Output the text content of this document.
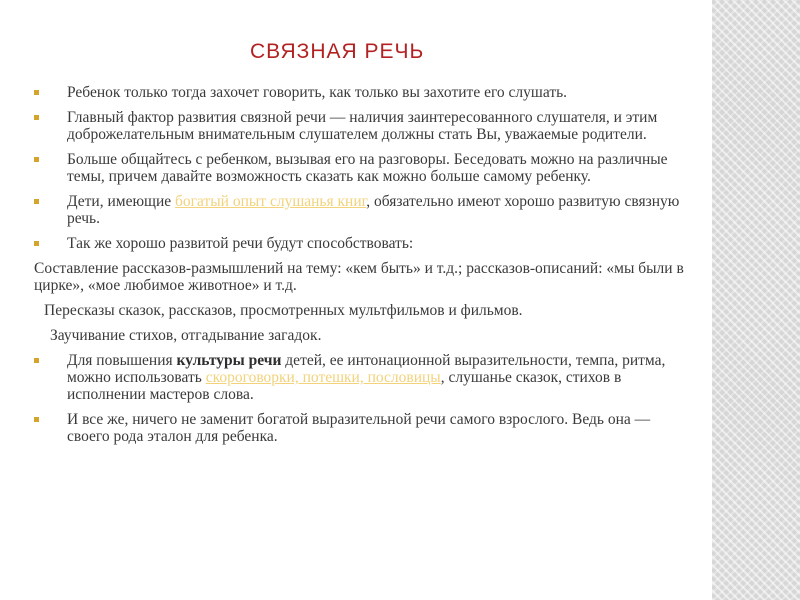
СВЯЗНАЯ РЕЧЬ
Ребенок только тогда захочет говорить, как только вы захотите его слушать.
Главный фактор развития связной речи — наличия заинтересованного слушателя, и этим доброжелательным внимательным слушателем должны стать Вы, уважаемые родители.
Больше общайтесь с ребенком, вызывая его на разговоры. Беседовать можно на различные темы, причем давайте возможность сказать как можно больше самому ребенку.
Дети, имеющие богатый опыт слушанья книг, обязательно имеют хорошо развитую связную речь.
Так же хорошо развитой речи будут способствовать:
Составление рассказов-размышлений на тему: «кем быть» и т.д.; рассказов-описаний: «мы были в цирке», «мое любимое животное» и т.д.
Пересказы сказок, рассказов, просмотренных мультфильмов и фильмов.
Заучивание стихов, отгадывание загадок.
Для повышения культуры речи детей, ее интонационной выразительности, темпа, ритма, можно использовать скороговорки, потешки, пословицы, слушанье сказок, стихов в исполнении мастеров слова.
И все же, ничего не заменит богатой выразительной речи самого взрослого. Ведь она — своего рода эталон для ребенка.
